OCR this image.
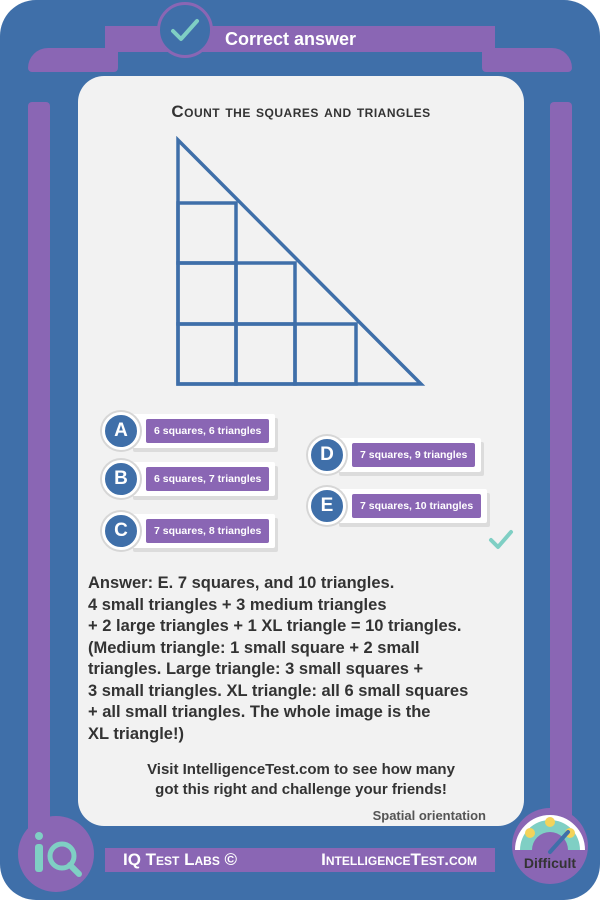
Correct answer
Count the squares and triangles
A	6 squares, 6 triangles
B	6 squares, 7 triangles
C	7 squares, 8 triangles
D	7 squares, 9 triangles
E	7 squares, 10 triangles
Answer: E. 7 squares, and 10 triangles.
4 small triangles + 3 medium triangles
+ 2 large triangles + 1 XL triangle = 10 triangles.
(Medium triangle: 1 small square + 2 small
triangles. Large triangle: 3 small squares +
3 small triangles. XL triangle: all 6 small squares
+ all small triangles. The whole image is the
XL triangle!)
Visit IntelligenceTest.com to see how many
got this right and challenge your friends!
Spatial orientation
IQ Test Labs ©	IntelligenceTest.com	Difficult
